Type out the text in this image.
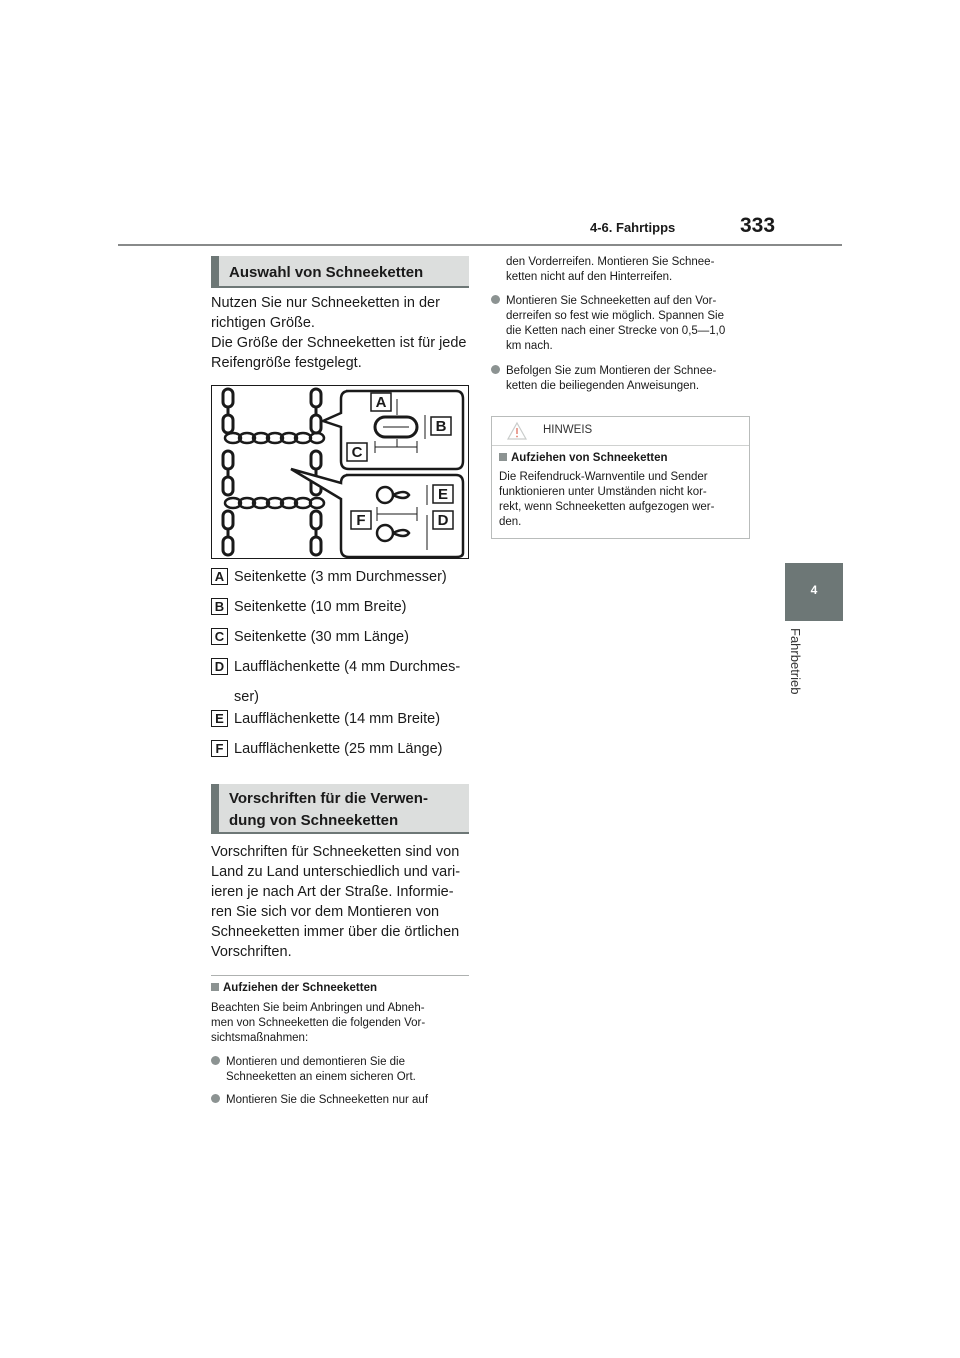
4-6. Fahrtipps	333
4
Fahrbetrieb
Auswahl von Schneeketten
Nutzen Sie nur Schneeketten in der
richtigen Größe.
Die Größe der Schneeketten ist für jede
Reifengröße festgelegt.
A
B
C
E
F	D
A Seitenkette (3 mm Durchmesser)
B Seitenkette (10 mm Breite)
C Seitenkette (30 mm Länge)
D Laufflächenkette (4 mm Durchmes-
ser)
E Laufflächenkette (14 mm Breite)
F Laufflächenkette (25 mm Länge)
Vorschriften für die Verwen-
dung von Schneeketten
Vorschriften für Schneeketten sind von
Land zu Land unterschiedlich und vari-
ieren je nach Art der Straße. Informie-
ren Sie sich vor dem Montieren von
Schneeketten immer über die örtlichen
Vorschriften.
Aufziehen der Schneeketten
Beachten Sie beim Anbringen und Abneh-
men von Schneeketten die folgenden Vor-
sichtsmaßnahmen:
Montieren und demontieren Sie die
Schneeketten an einem sicheren Ort.
Montieren Sie die Schneeketten nur auf
den Vorderreifen. Montieren Sie Schnee-
ketten nicht auf den Hinterreifen.
Montieren Sie Schneeketten auf den Vor-
derreifen so fest wie möglich. Spannen Sie
die Ketten nach einer Strecke von 0,5—1,0
km nach.
Befolgen Sie zum Montieren der Schnee-
ketten die beiliegenden Anweisungen.
HINWEIS
Aufziehen von Schneeketten
Die Reifendruck-Warnventile und Sender
funktionieren unter Umständen nicht kor-
rekt, wenn Schneeketten aufgezogen wer-
den.
